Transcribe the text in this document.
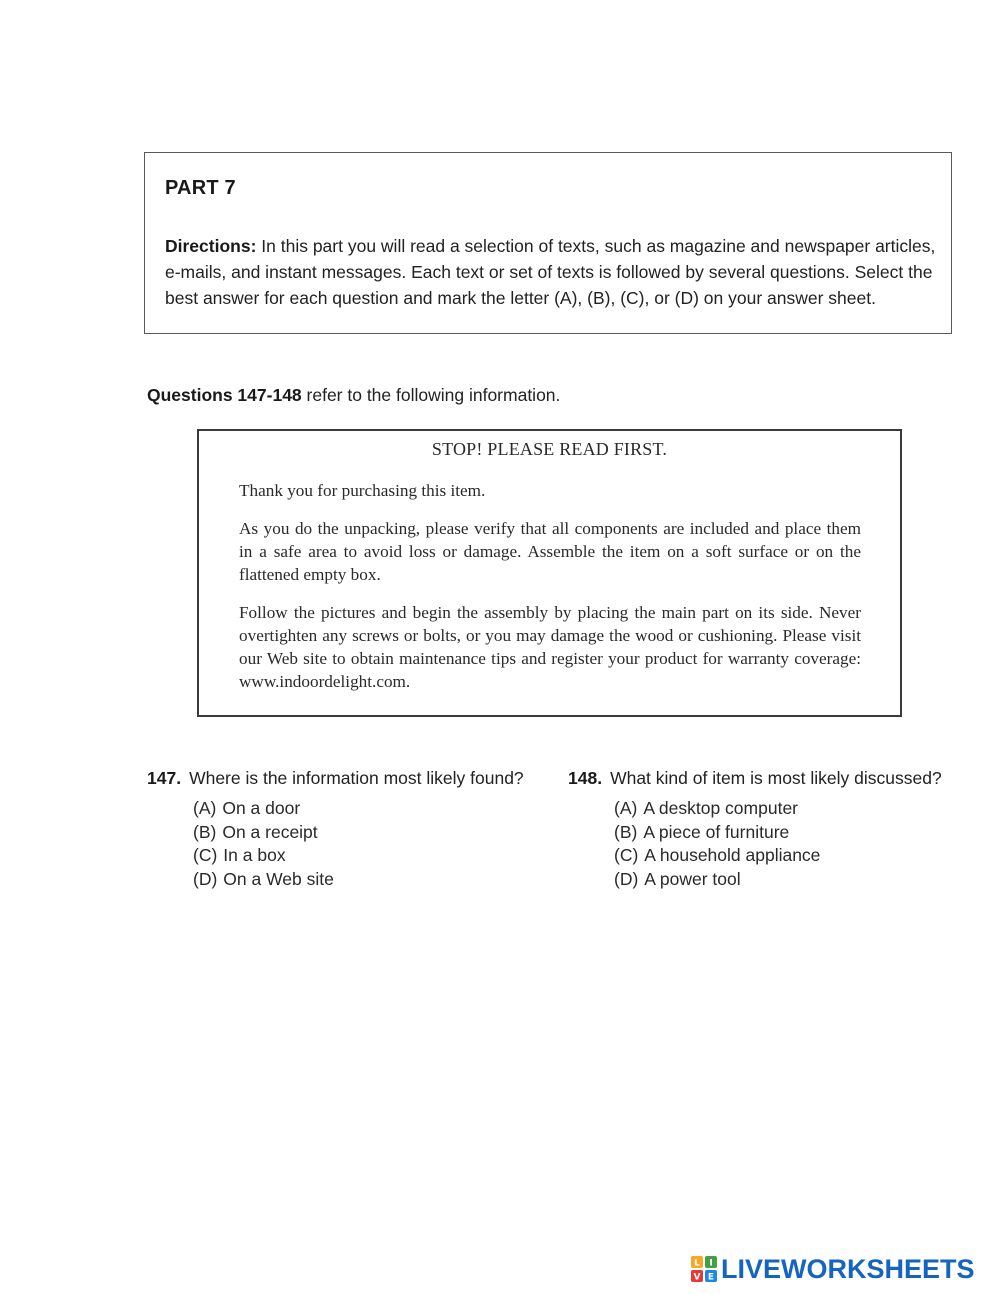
PART 7
Directions: In this part you will read a selection of texts, such as magazine and newspaper articles, e-mails, and instant messages. Each text or set of texts is followed by several questions. Select the best answer for each question and mark the letter (A), (B), (C), or (D) on your answer sheet.
Questions 147-148 refer to the following information.
STOP! PLEASE READ FIRST.
Thank you for purchasing this item.
As you do the unpacking, please verify that all components are included and place them in a safe area to avoid loss or damage. Assemble the item on a soft surface or on the flattened empty box.
Follow the pictures and begin the assembly by placing the main part on its side. Never overtighten any screws or bolts, or you may damage the wood or cushioning. Please visit our Web site to obtain maintenance tips and register your product for warranty coverage: www.indoordelight.com.
147. Where is the information most likely found?
(A) On a door
(B) On a receipt
(C) In a box
(D) On a Web site
148. What kind of item is most likely discussed?
(A) A desktop computer
(B) A piece of furniture
(C) A household appliance
(D) A power tool
L I
V E LIVEWORKSHEETS
